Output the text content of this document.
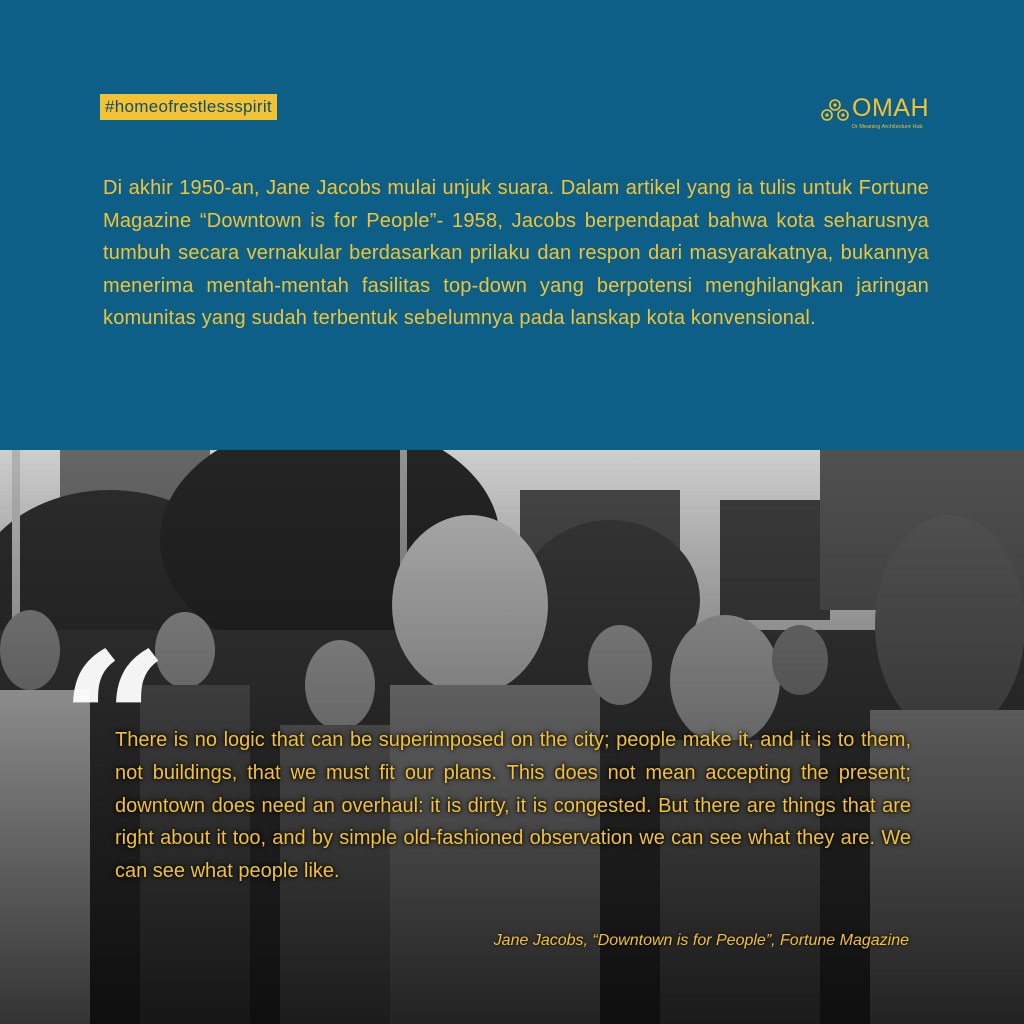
#homeofrestlessspirit	OMAH
Dr Meaning Architecture Hub

Di akhir 1950-an, Jane Jacobs mulai unjuk suara. Dalam artikel yang ia tulis untuk Fortune Magazine “Downtown is for People”- 1958, Jacobs berpendapat bahwa kota seharusnya tumbuh secara vernakular berdasarkan prilaku dan respon dari masyarakatnya, bukannya menerima mentah-mentah fasilitas top-down yang berpotensi menghilangkan jaringan komunitas yang sudah terbentuk sebelumnya pada lanskap kota konvensional.

“

There is no logic that can be superimposed on the city; people make it, and it is to them, not buildings, that we must fit our plans. This does not mean accepting the present; downtown does need an overhaul: it is dirty, it is congested. But there are things that are right about it too, and by simple old-fashioned observation we can see what they are. We can see what people like.

Jane Jacobs, “Downtown is for People”, Fortune Magazine
